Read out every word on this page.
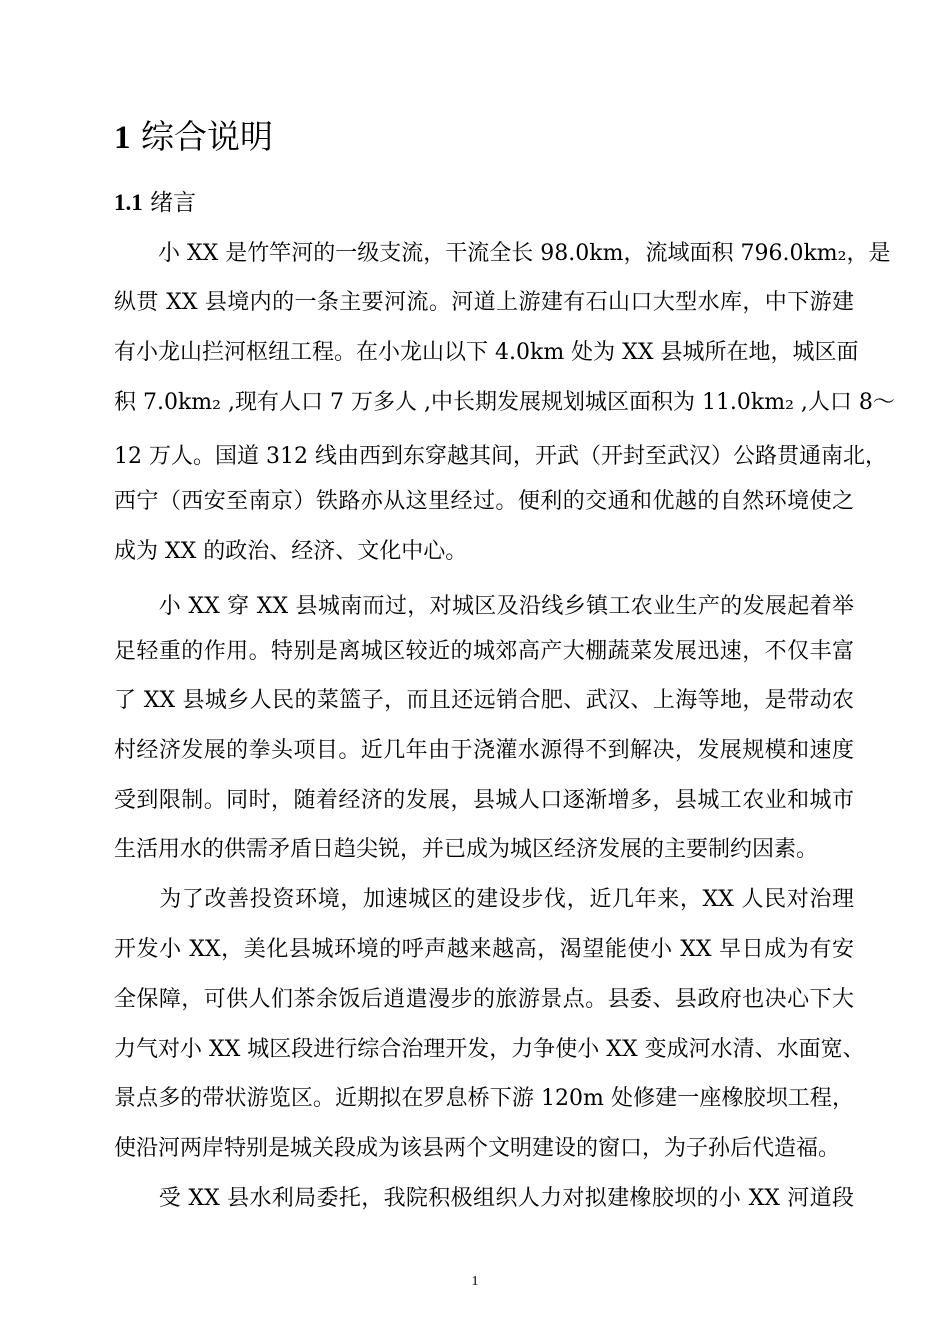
1 综合说明
1.1 绪言
　　小 XX 是竹竿河的一级支流，干流全长 98.0km，流域面积 796.0km₂，是
纵贯 XX 县境内的一条主要河流。河道上游建有石山口大型水库，中下游建
有小龙山拦河枢纽工程。在小龙山以下 4.0km 处为 XX 县城所在地，城区面
积 7.0km₂ ,现有人口 7 万多人 ,中长期发展规划城区面积为 11.0km₂ ,人口 8～
12 万人。国道 312 线由西到东穿越其间，开武（开封至武汉）公路贯通南北，
西宁（西安至南京）铁路亦从这里经过。便利的交通和优越的自然环境使之
成为 XX 的政治、经济、文化中心。
　　小 XX 穿 XX 县城南而过，对城区及沿线乡镇工农业生产的发展起着举
足轻重的作用。特别是离城区较近的城郊高产大棚蔬菜发展迅速，不仅丰富
了 XX 县城乡人民的菜篮子，而且还远销合肥、武汉、上海等地，是带动农
村经济发展的拳头项目。近几年由于浇灌水源得不到解决，发展规模和速度
受到限制。同时，随着经济的发展，县城人口逐渐增多，县城工农业和城市
生活用水的供需矛盾日趋尖锐，并已成为城区经济发展的主要制约因素。
　　为了改善投资环境，加速城区的建设步伐，近几年来，XX 人民对治理
开发小 XX，美化县城环境的呼声越来越高，渴望能使小 XX 早日成为有安
全保障，可供人们茶余饭后逍遣漫步的旅游景点。县委、县政府也决心下大
力气对小 XX 城区段进行综合治理开发，力争使小 XX 变成河水清、水面宽、
景点多的带状游览区。近期拟在罗息桥下游 120m 处修建一座橡胶坝工程，
使沿河两岸特别是城关段成为该县两个文明建设的窗口，为子孙后代造福。
　　受 XX 县水利局委托，我院积极组织人力对拟建橡胶坝的小 XX 河道段
1
